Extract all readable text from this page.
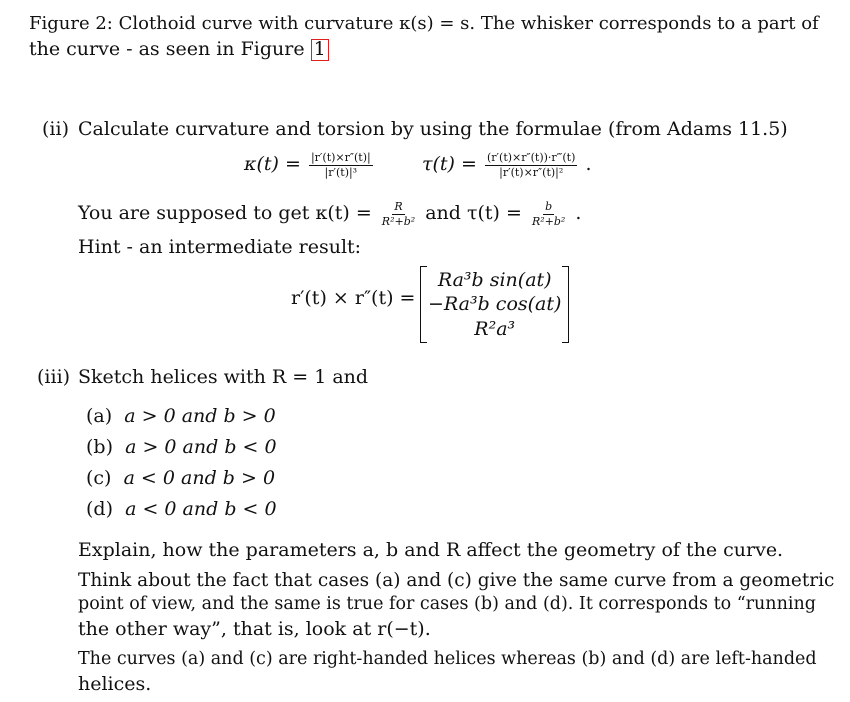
Figure 2: Clothoid curve with curvature κ(s) = s. The whisker corresponds to a part of
the curve - as seen in Figure 1
(ii) Calculate curvature and torsion by using the formulae (from Adams 11.5)
$\kappa(t) = \frac{|r'(t)\times r''(t)|}{\text{|r′(t)|³}}$	$\tau(t) = \frac{(r'(t)\times r''(t))\cdot r‴(t)}{\text{|r′(t)×r″(t)|²}}$ .
You are supposed to get $\kappa(t) = \frac{R}{\text{R²+b²}}$ and $\tau(t) = \frac{b}{\text{R²+b²}}$ .
Hint - an intermediate result:
r′(t) × r″(t) =
Ra³b sin(at)
−Ra³b cos(at)
R²a³
(iii) Sketch helices with R = 1 and
(a) a > 0 and b > 0
(b) a > 0 and b < 0
(c) a < 0 and b > 0
(d) a < 0 and b < 0
Explain, how the parameters a, b and R affect the geometry of the curve.
Think about the fact that cases (a) and (c) give the same curve from a geometric
point of view, and the same is true for cases (b) and (d). It corresponds to “running
the other way”, that is, look at r(−t).
The curves (a) and (c) are right-handed helices whereas (b) and (d) are left-handed
helices.
